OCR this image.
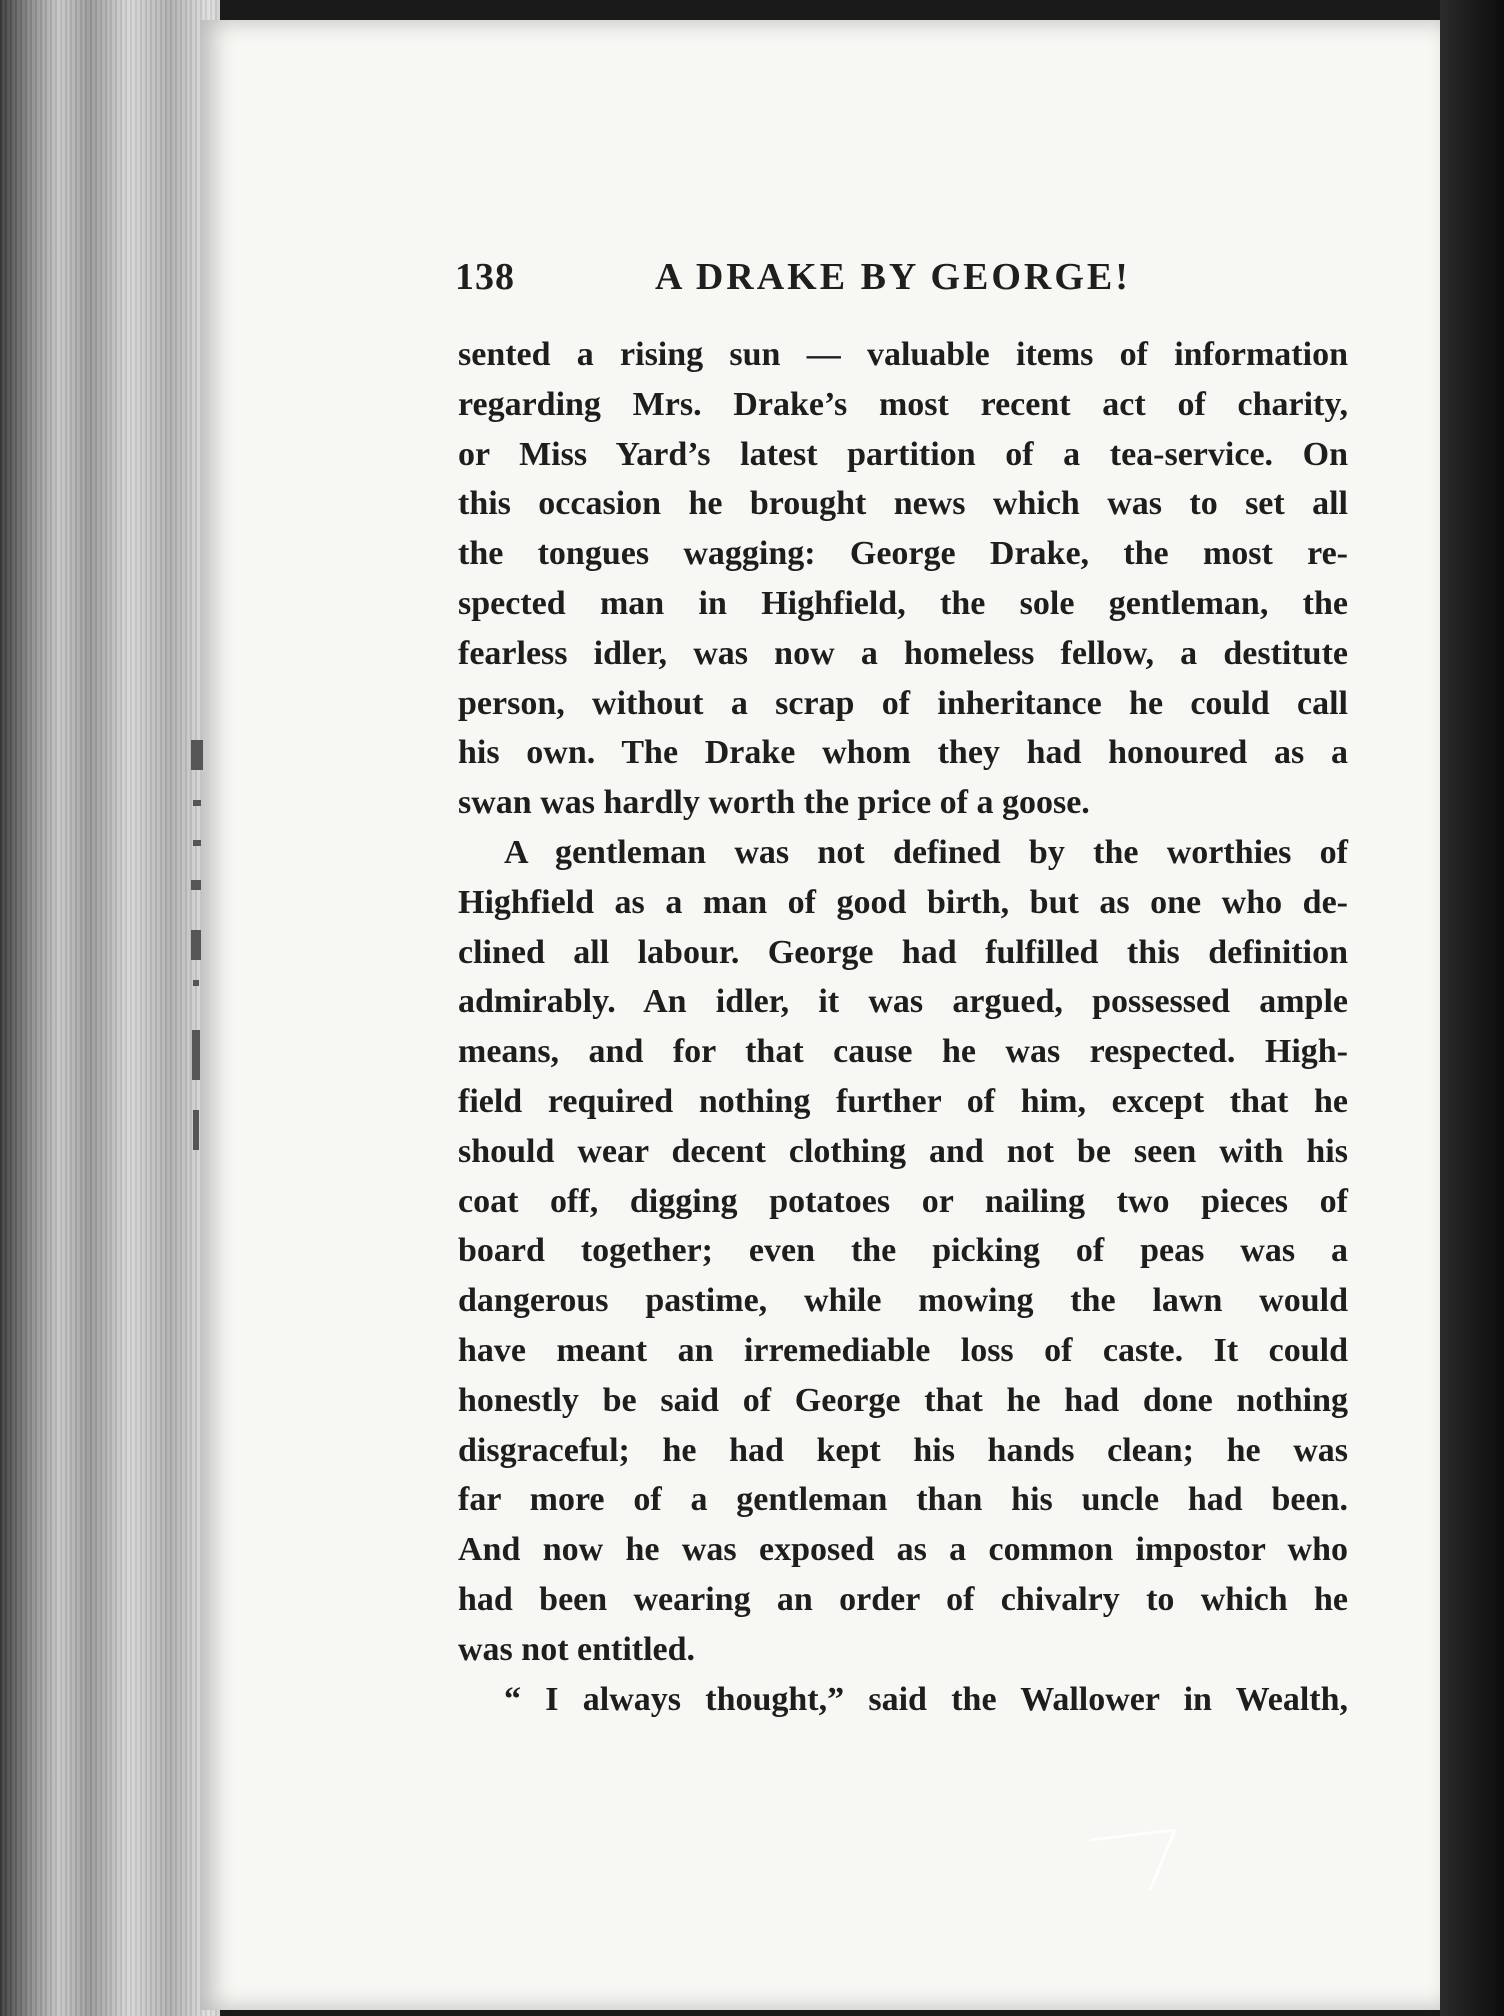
138	A DRAKE BY GEORGE!
sented a rising sun — valuable items of information
regarding Mrs. Drake’s most recent act of charity,
or Miss Yard’s latest partition of a tea-service. On
this occasion he brought news which was to set all
the tongues wagging: George Drake, the most re-
spected man in Highfield, the sole gentleman, the
fearless idler, was now a homeless fellow, a destitute
person, without a scrap of inheritance he could call
his own. The Drake whom they had honoured as a
swan was hardly worth the price of a goose.
A gentleman was not defined by the worthies of
Highfield as a man of good birth, but as one who de-
clined all labour. George had fulfilled this definition
admirably. An idler, it was argued, possessed ample
means, and for that cause he was respected. High-
field required nothing further of him, except that he
should wear decent clothing and not be seen with his
coat off, digging potatoes or nailing two pieces of
board together; even the picking of peas was a
dangerous pastime, while mowing the lawn would
have meant an irremediable loss of caste. It could
honestly be said of George that he had done nothing
disgraceful; he had kept his hands clean; he was
far more of a gentleman than his uncle had been.
And now he was exposed as a common impostor who
had been wearing an order of chivalry to which he
was not entitled.
“ I always thought,” said the Wallower in Wealth,
